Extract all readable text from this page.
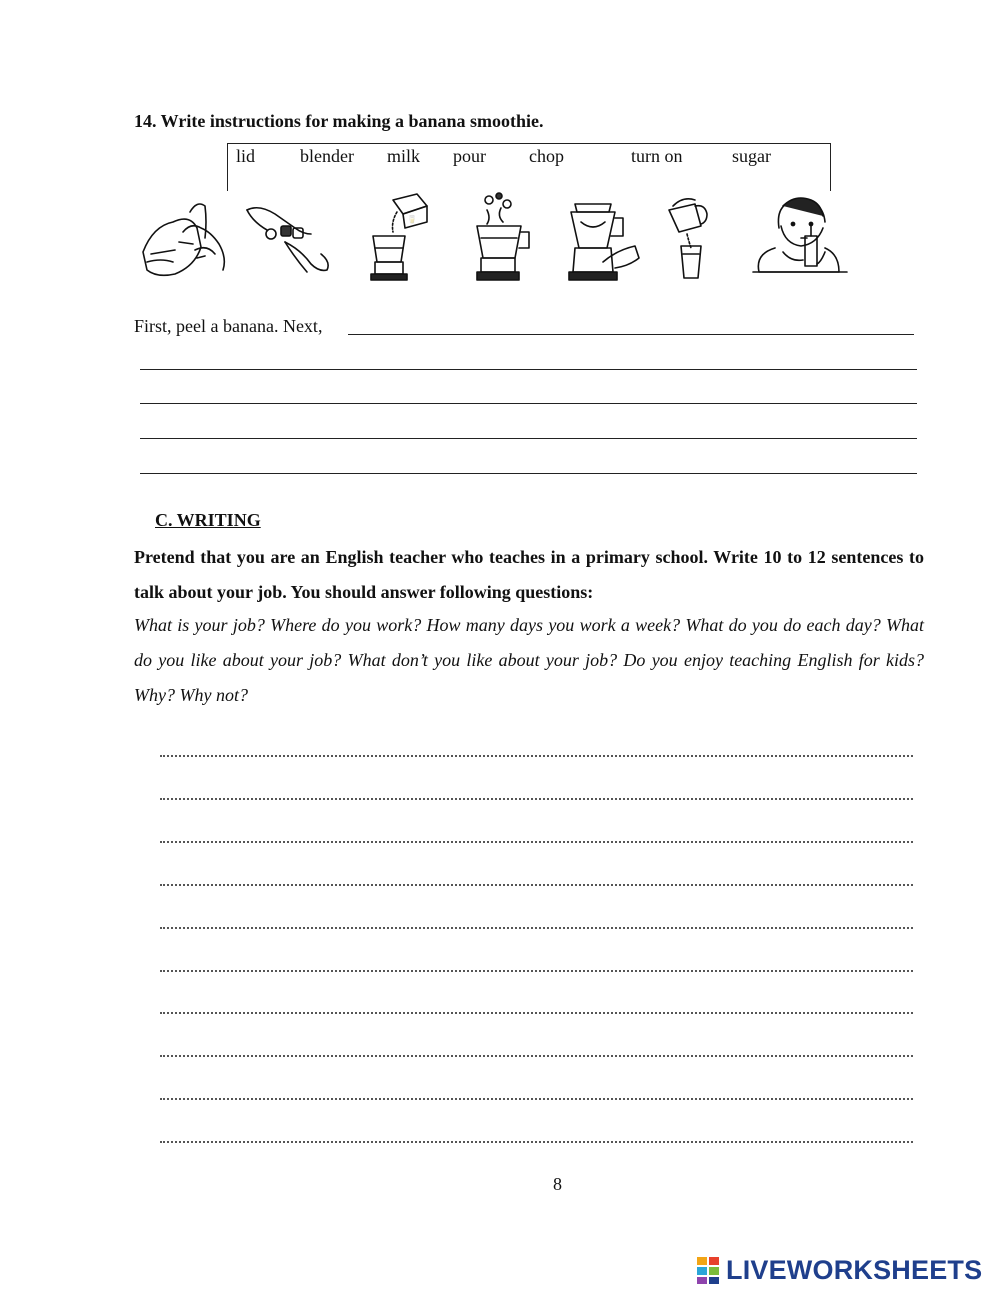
14. Write instructions for making a banana smoothie.
lid blender milk pour chop	turn on	sugar
🥛
First, peel a banana. Next,
C. WRITING
Pretend that you are an English teacher who teaches in a primary school. Write 10 to 12 sentences to talk about your job. You should answer following questions:
What is your job? Where do you work? How many days you work a week? What do you do each day? What do you like about your job? What don’t you like about your job? Do you enjoy teaching English for kids? Why? Why not?
8
LIVEWORKSHEETS
